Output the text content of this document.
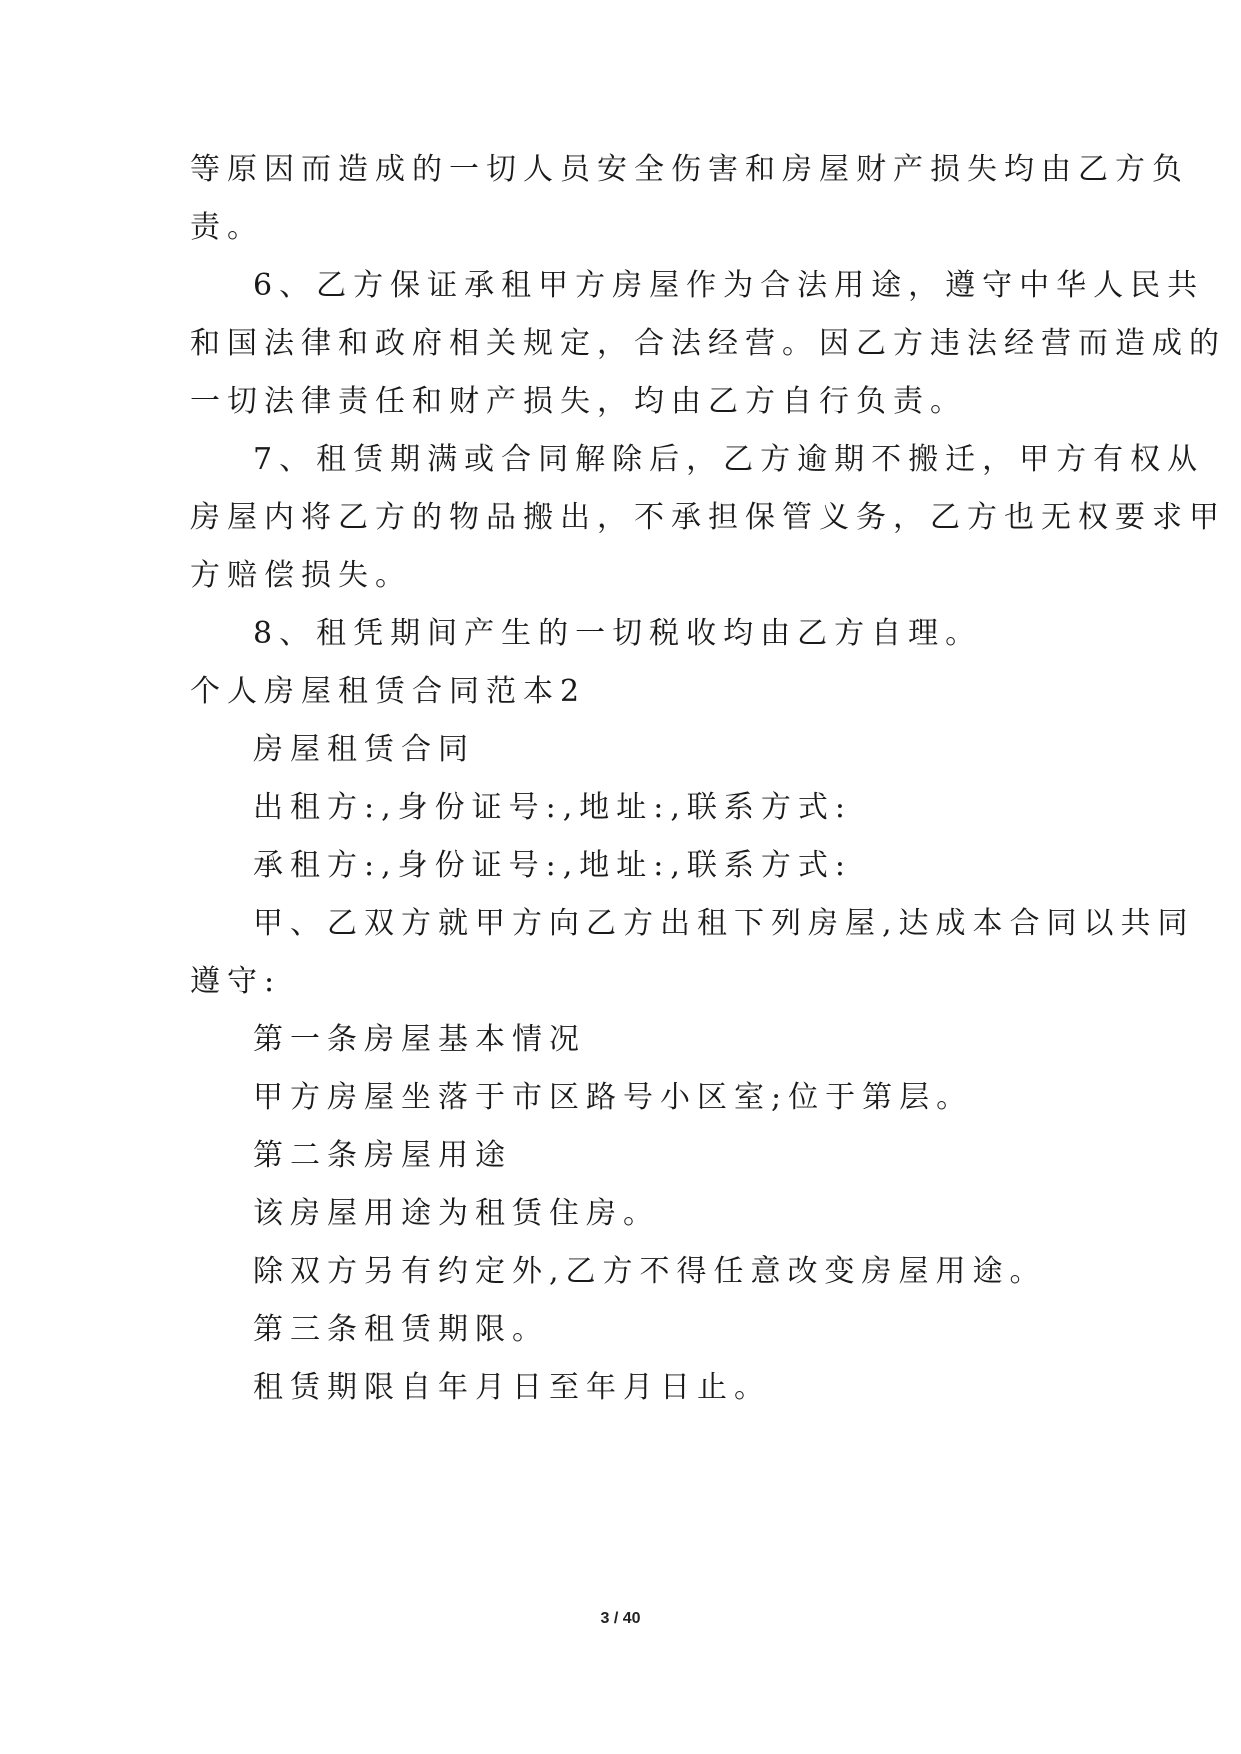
等原因而造成的一切人员安全伤害和房屋财产损失均由乙方负
责。
6、乙方保证承租甲方房屋作为合法用途，遵守中华人民共
和国法律和政府相关规定，合法经营。因乙方违法经营而造成的
一切法律责任和财产损失，均由乙方自行负责。
7、租赁期满或合同解除后，乙方逾期不搬迁，甲方有权从
房屋内将乙方的物品搬出，不承担保管义务，乙方也无权要求甲
方赔偿损失。
8、租凭期间产生的一切税收均由乙方自理。
个人房屋租赁合同范本2
房屋租赁合同
出租方:,身份证号:,地址:,联系方式:
承租方:,身份证号:,地址:,联系方式:
甲、乙双方就甲方向乙方出租下列房屋,达成本合同以共同
遵守:
第一条房屋基本情况
甲方房屋坐落于市区路号小区室;位于第层。
第二条房屋用途
该房屋用途为租赁住房。
除双方另有约定外,乙方不得任意改变房屋用途。
第三条租赁期限。
租赁期限自年月日至年月日止。
3 / 40
